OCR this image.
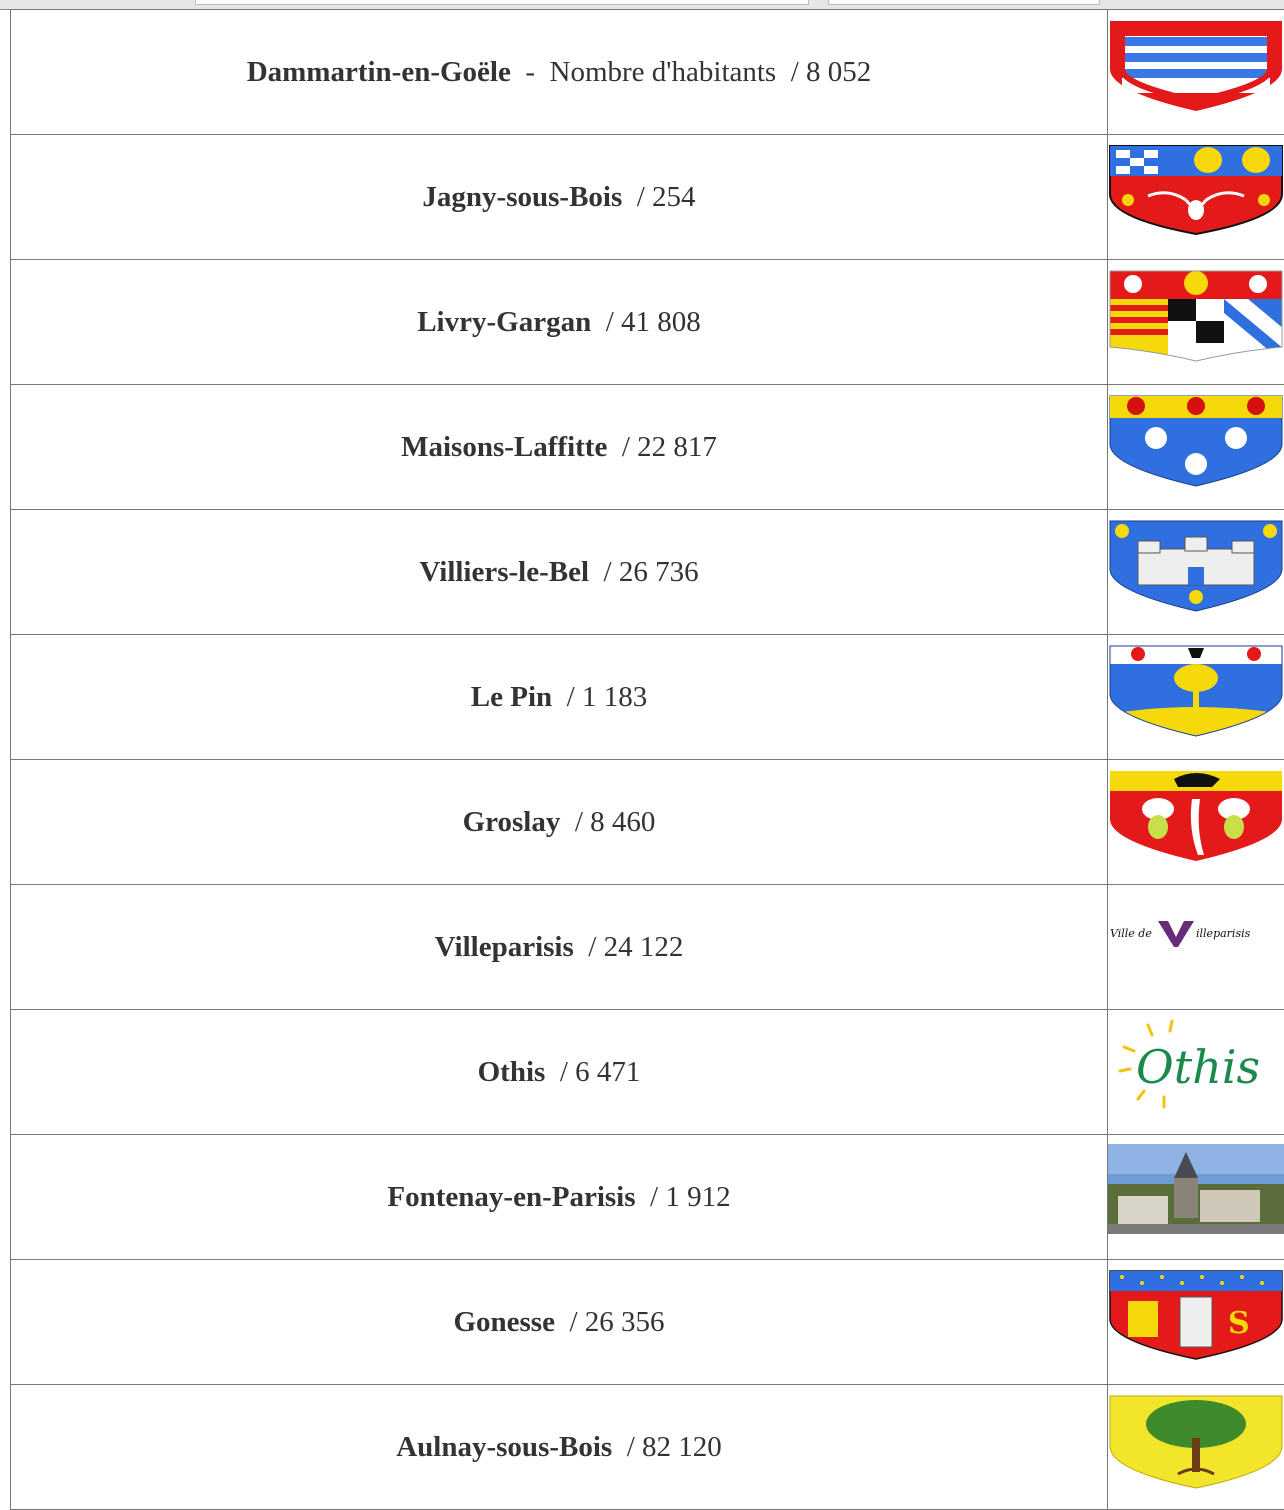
Dammartin-en-Goële - Nombre d'habitants / 8 052	

Jagny-sous-Bois / 254	

Livry-Gargan / 41 808	

Maisons-Laffitte / 22 817	

Villiers-le-Bel / 26 736	

Le Pin / 1 183	

Groslay / 8 460	

Villeparisis / 24 122	Ville de illeparisis

Othis / 6 471	Othis

Fontenay-en-Parisis / 1 912	

Gonesse / 26 356	S

Aulnay-sous-Bois / 82 120	
